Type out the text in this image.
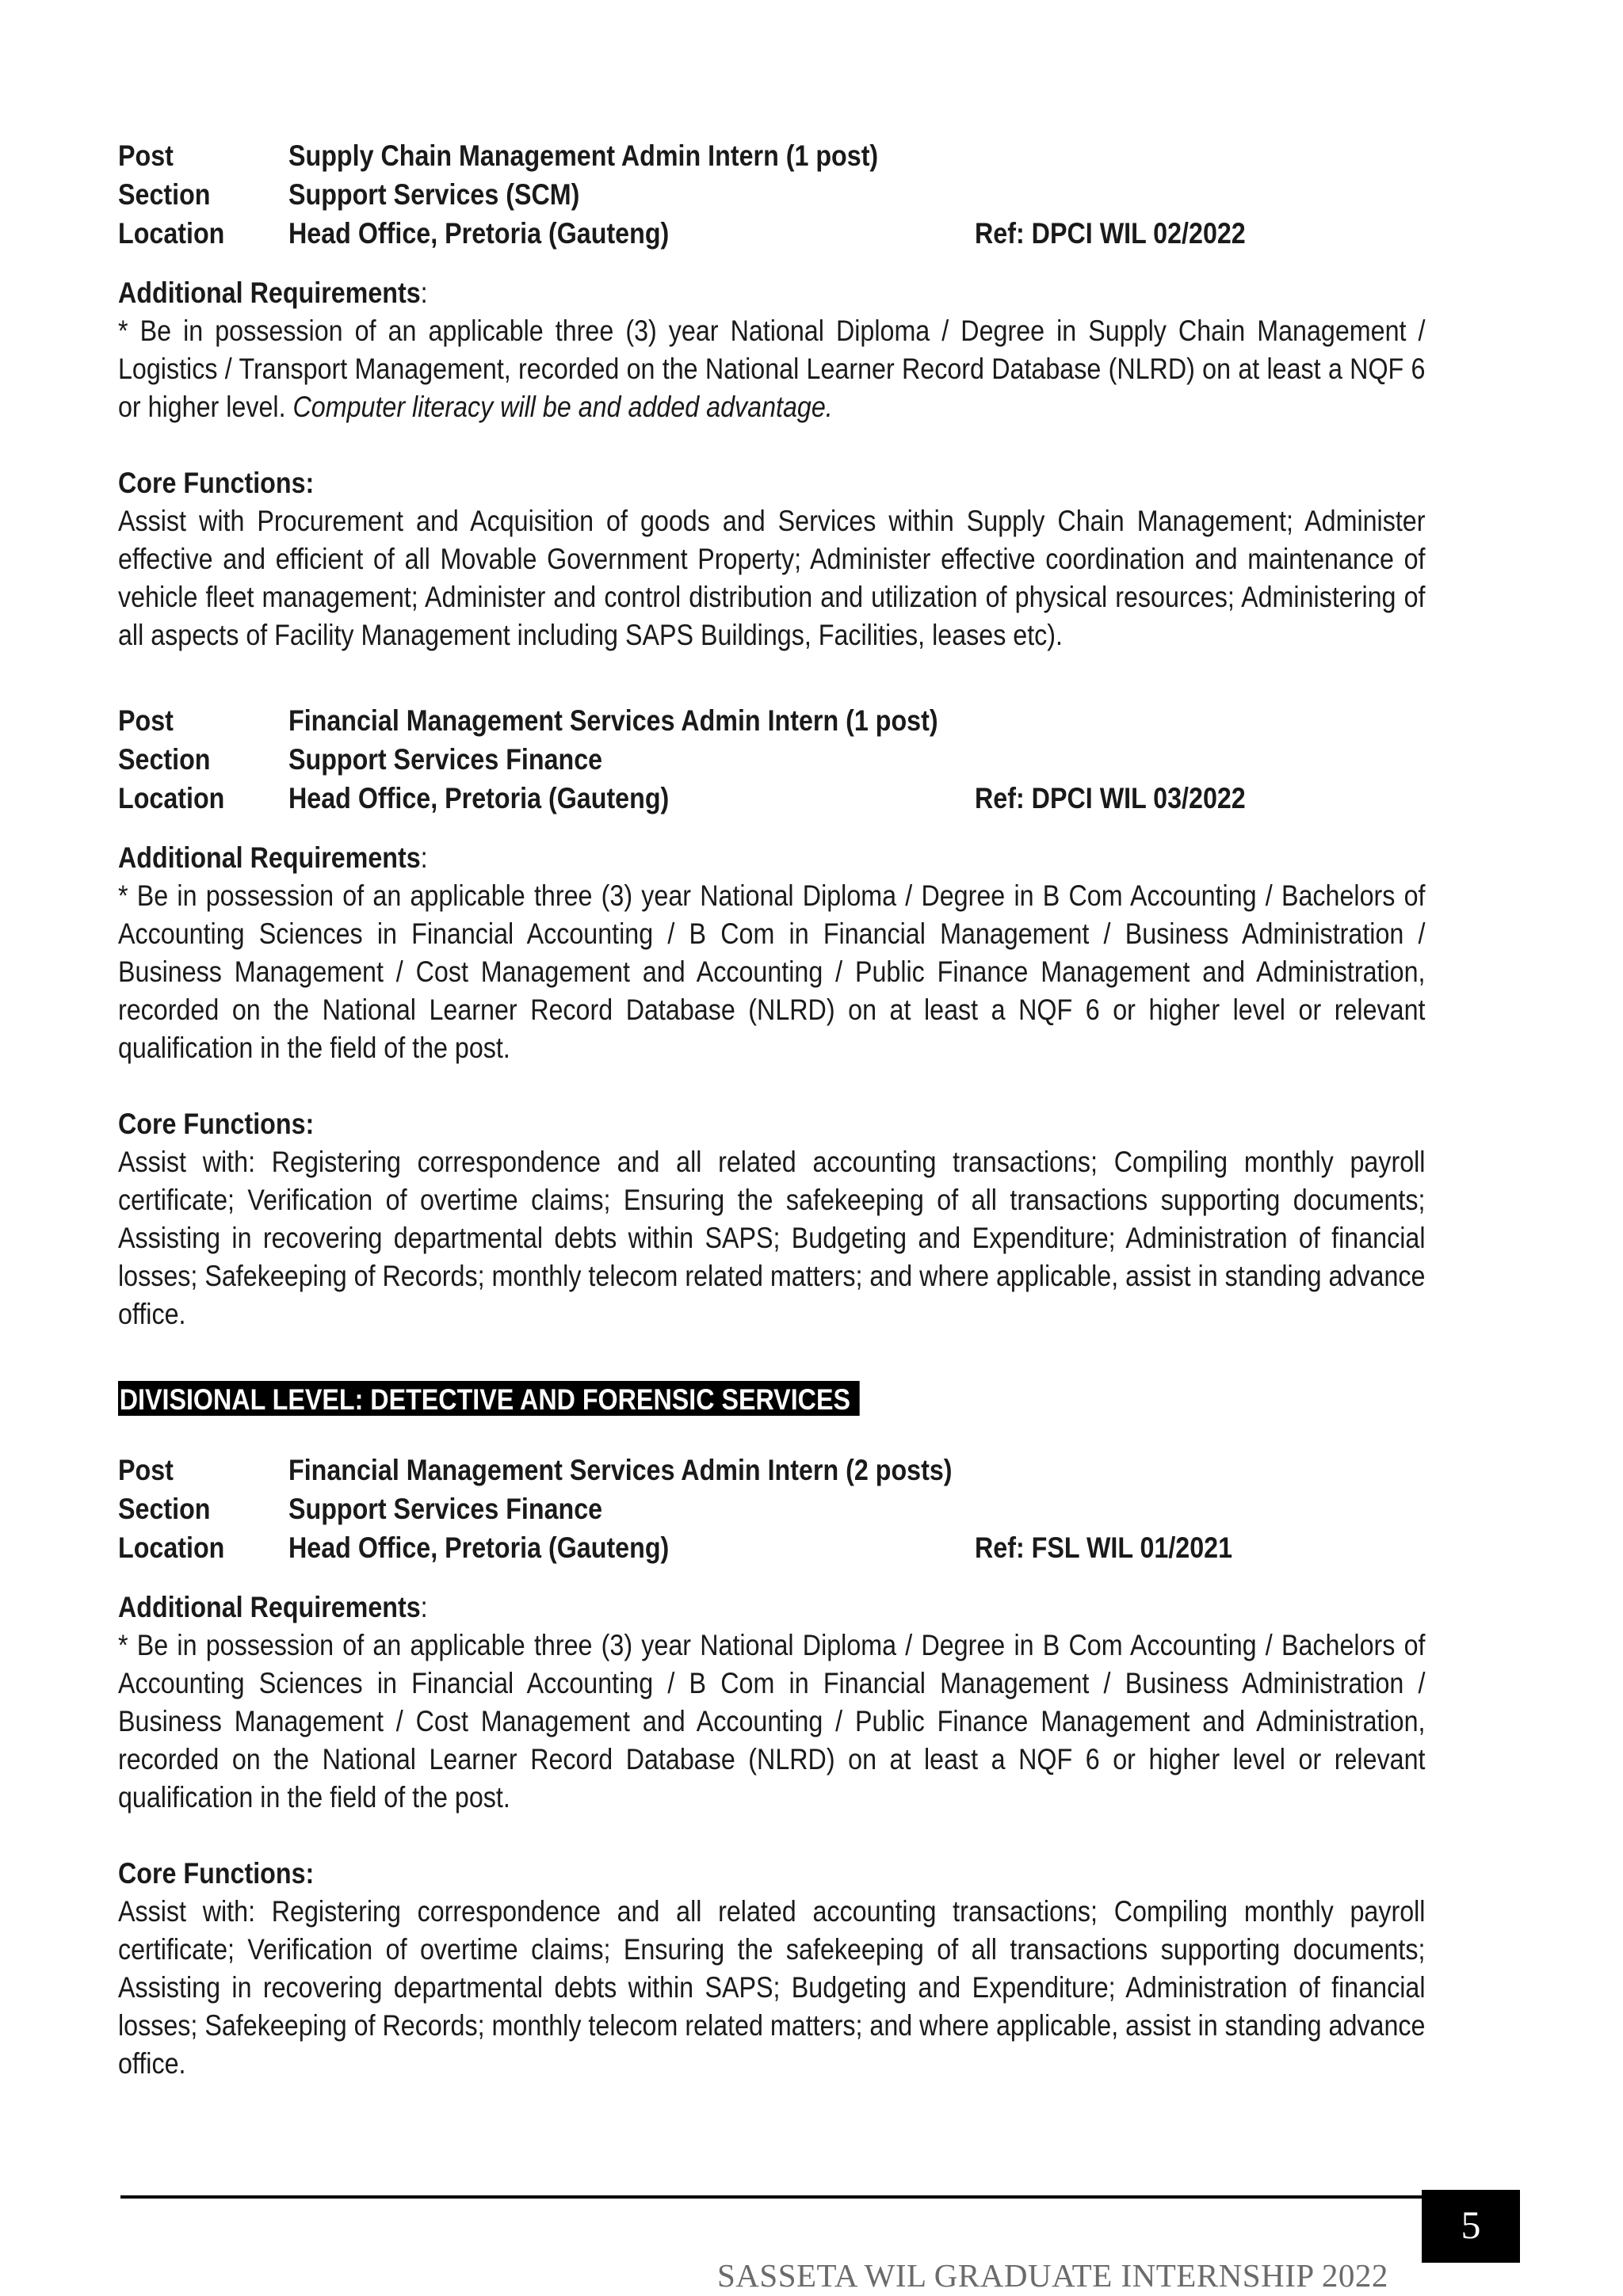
Post	Supply Chain Management Admin Intern (1 post)
Section	Support Services (SCM)
Location	Head Office, Pretoria (Gauteng)	Ref: DPCI WIL 02/2022
Additional Requirements:
* Be in possession of an applicable three (3) year National Diploma / Degree in Supply Chain Management / Logistics / Transport Management, recorded on the National Learner Record Database (NLRD) on at least a NQF 6 or higher level. Computer literacy will be and added advantage.
Core Functions:
Assist with Procurement and Acquisition of goods and Services within Supply Chain Management; Administer effective and efficient of all Movable Government Property; Administer effective coordination and maintenance of vehicle fleet management; Administer and control distribution and utilization of physical resources; Administering of all aspects of Facility Management including SAPS Buildings, Facilities, leases etc).
Post	Financial Management Services Admin Intern (1 post)
Section	Support Services Finance
Location	Head Office, Pretoria (Gauteng)	Ref: DPCI WIL 03/2022
Additional Requirements:
* Be in possession of an applicable three (3) year National Diploma / Degree in B Com Accounting / Bachelors of Accounting Sciences in Financial Accounting / B Com in Financial Management / Business Administration / Business Management / Cost Management and Accounting / Public Finance Management and Administration, recorded on the National Learner Record Database (NLRD) on at least a NQF 6 or higher level or relevant qualification in the field of the post.
Core Functions:
Assist with: Registering correspondence and all related accounting transactions; Compiling monthly payroll certificate; Verification of overtime claims; Ensuring the safekeeping of all transactions supporting documents; Assisting in recovering departmental debts within SAPS; Budgeting and Expenditure; Administration of financial losses; Safekeeping of Records; monthly telecom related matters; and where applicable, assist in standing advance office.
DIVISIONAL LEVEL: DETECTIVE AND FORENSIC SERVICES
Post	Financial Management Services Admin Intern (2 posts)
Section	Support Services Finance
Location	Head Office, Pretoria (Gauteng)	Ref: FSL WIL 01/2021
Additional Requirements:
* Be in possession of an applicable three (3) year National Diploma / Degree in B Com Accounting / Bachelors of Accounting Sciences in Financial Accounting / B Com in Financial Management / Business Administration / Business Management / Cost Management and Accounting / Public Finance Management and Administration, recorded on the National Learner Record Database (NLRD) on at least a NQF 6 or higher level or relevant qualification in the field of the post.
Core Functions:
Assist with: Registering correspondence and all related accounting transactions; Compiling monthly payroll certificate; Verification of overtime claims; Ensuring the safekeeping of all transactions supporting documents; Assisting in recovering departmental debts within SAPS; Budgeting and Expenditure; Administration of financial losses; Safekeeping of Records; monthly telecom related matters; and where applicable, assist in standing advance office.
SASSETA WIL GRADUATE INTERNSHIP 2022
5
